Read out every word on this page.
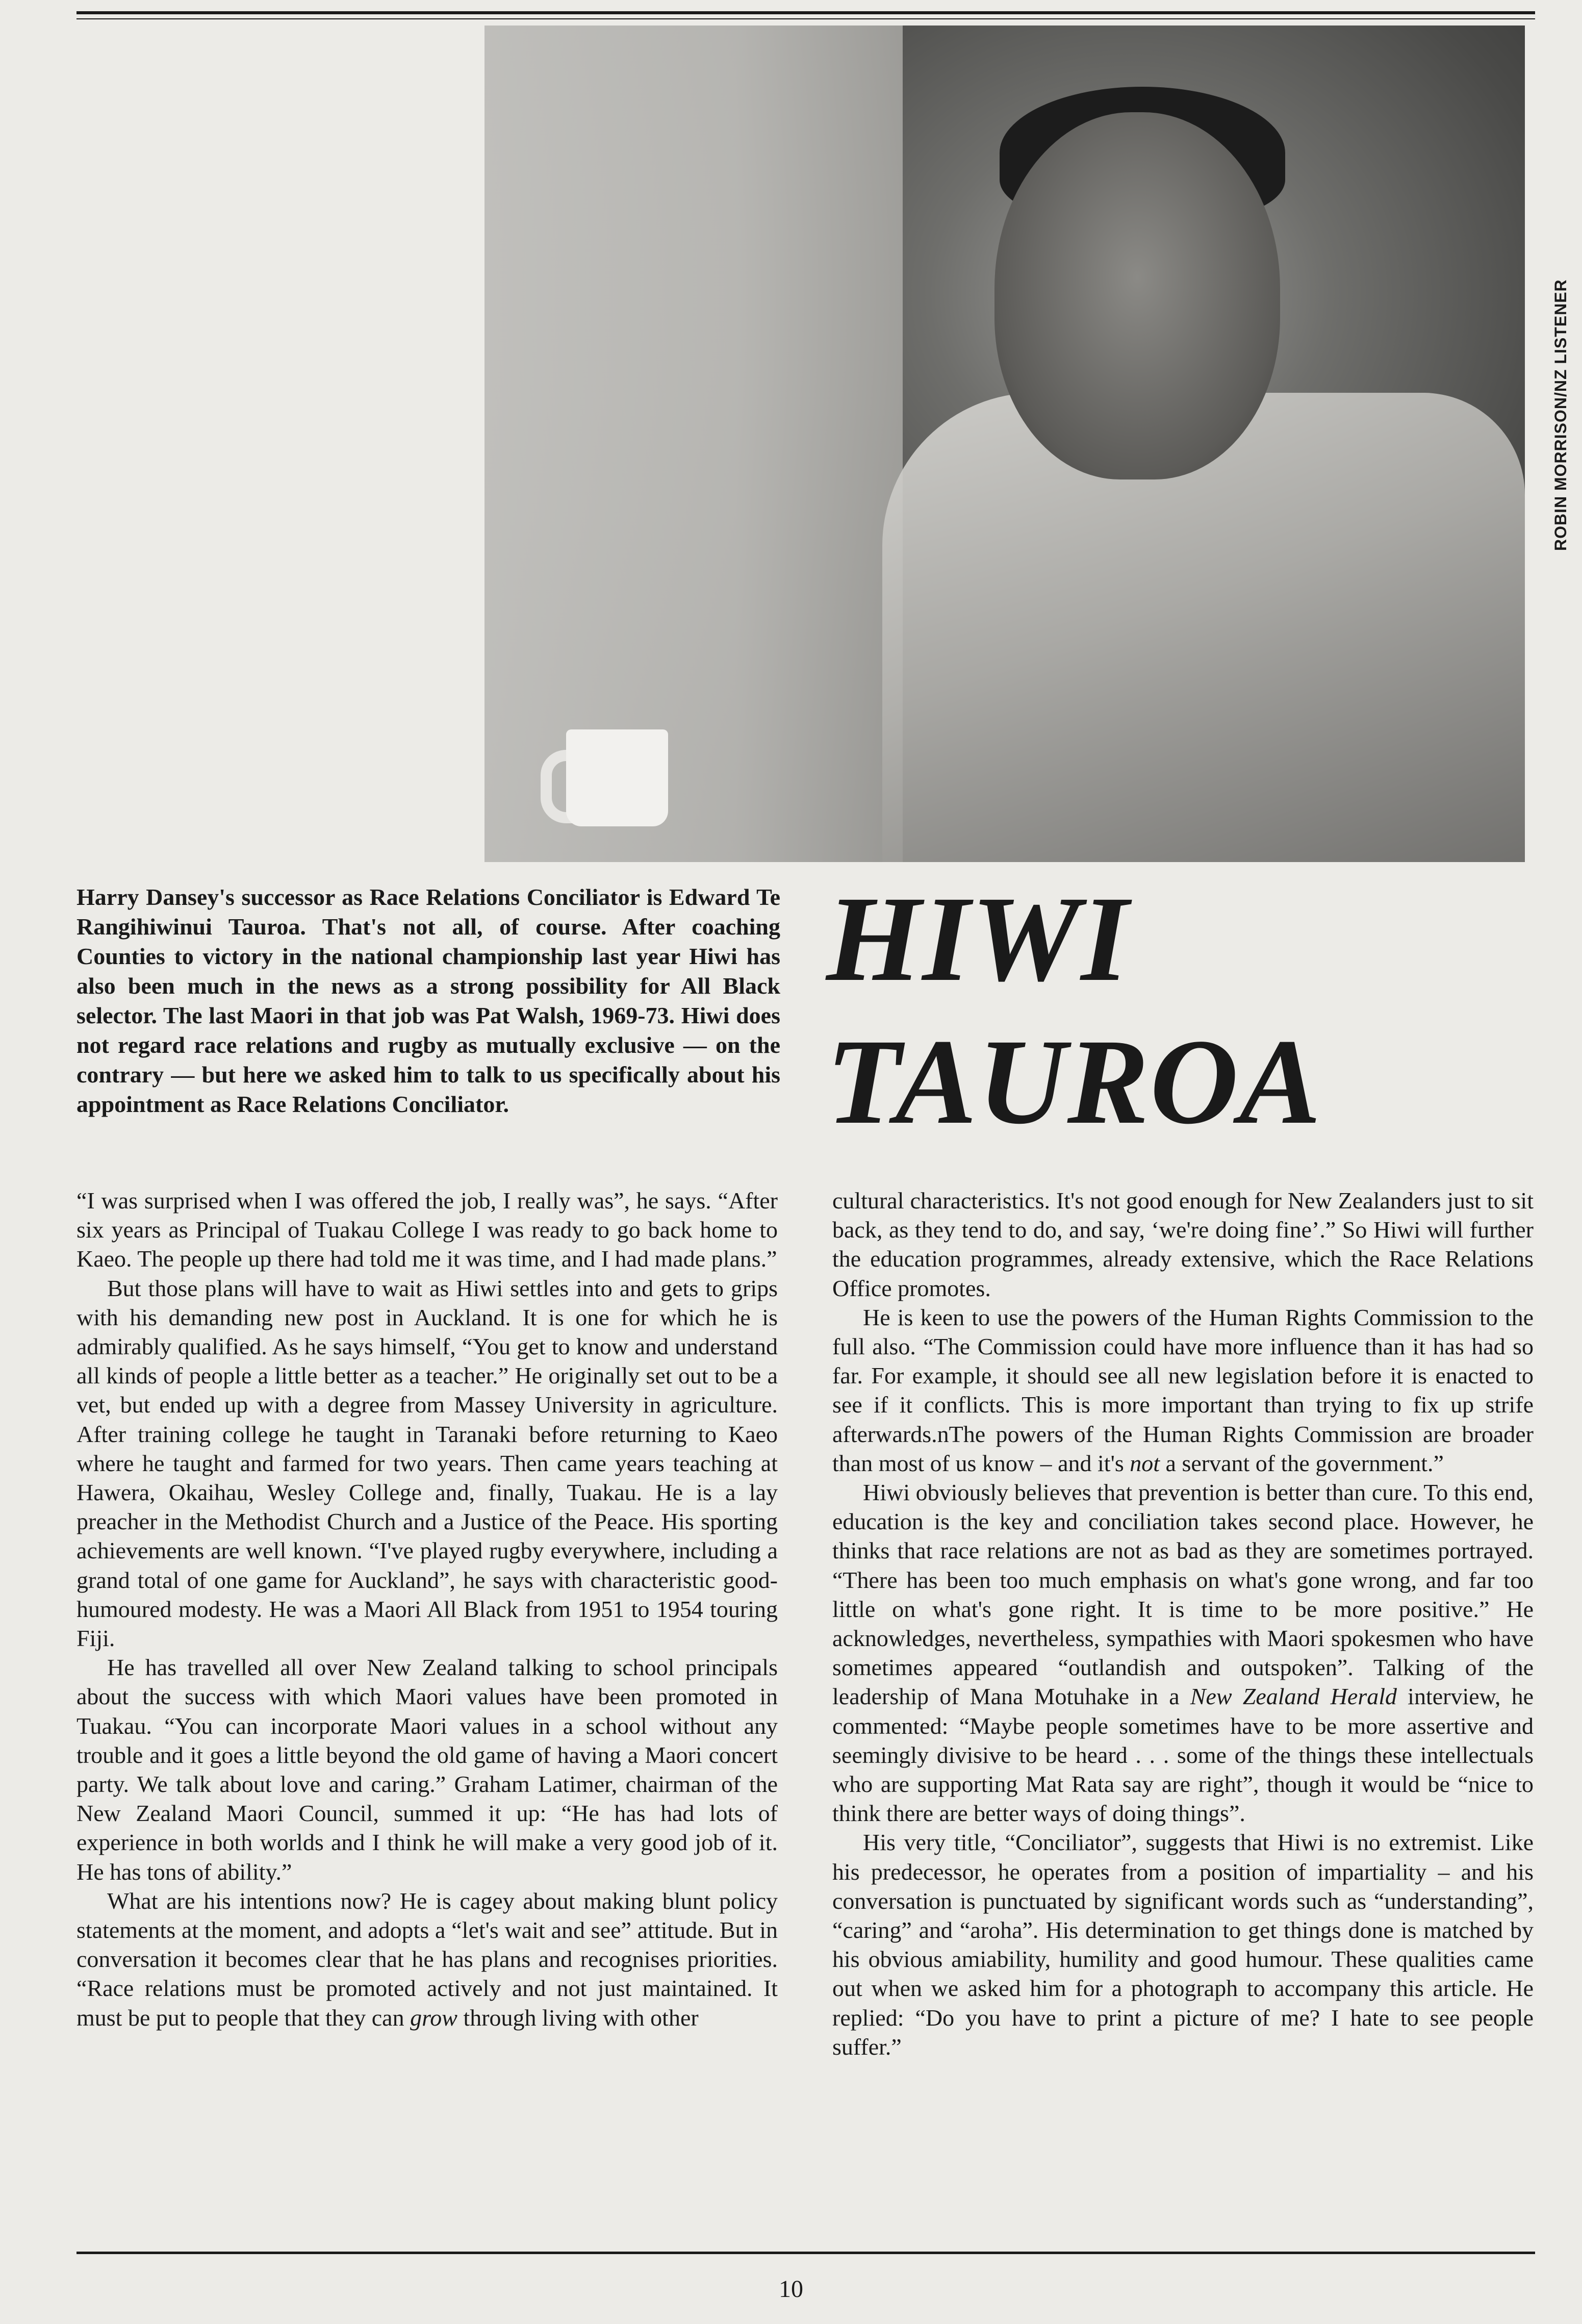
ROBIN MORRISON/NZ LISTENER
Harry Dansey's successor as Race Relations Conciliator is Edward Te Rangihiwinui Tauroa. That's not all, of course. After coaching Counties to victory in the national championship last year Hiwi has also been much in the news as a strong possibility for All Black selector. The last Maori in that job was Pat Walsh, 1969-73. Hiwi does not regard race relations and rugby as mutually exclusive — on the contrary — but here we asked him to talk to us specifically about his appointment as Race Relations Conciliator.
HIWI
TAUROA

“I was surprised when I was offered the job, I really was”, he says. “After six years as Principal of Tuakau College I was ready to go back home to Kaeo. The people up there had told me it was time, and I had made plans.”

But those plans will have to wait as Hiwi settles into and gets to grips with his demanding new post in Auckland. It is one for which he is admirably qualified. As he says himself, “You get to know and understand all kinds of people a little better as a teacher.” He originally set out to be a vet, but ended up with a degree from Massey University in agriculture. After training college he taught in Taranaki before returning to Kaeo where he taught and farmed for two years. Then came years teaching at Hawera, Okaihau, Wesley College and, finally, Tuakau. He is a lay preacher in the Methodist Church and a Justice of the Peace. His sporting achievements are well known. “I've played rugby everywhere, including a grand total of one game for Auckland”, he says with characteristic good-humoured modesty. He was a Maori All Black from 1951 to 1954 touring Fiji.

He has travelled all over New Zealand talking to school principals about the success with which Maori values have been promoted in Tuakau. “You can incorporate Maori values in a school without any trouble and it goes a little beyond the old game of having a Maori concert party. We talk about love and caring.” Graham Latimer, chairman of the New Zealand Maori Council, summed it up: “He has had lots of experience in both worlds and I think he will make a very good job of it. He has tons of ability.”

What are his intentions now? He is cagey about making blunt policy statements at the moment, and adopts a “let's wait and see” attitude. But in conversation it becomes clear that he has plans and recognises priorities. “Race relations must be promoted actively and not just maintained. It must be put to people that they can grow through living with other

cultural characteristics. It's not good enough for New Zealanders just to sit back, as they tend to do, and say, ‘we're doing fine’.” So Hiwi will further the education programmes, already extensive, which the Race Relations Office promotes.

He is keen to use the powers of the Human Rights Commission to the full also. “The Commission could have more influence than it has had so far. For example, it should see all new legislation before it is enacted to see if it conflicts. This is more important than trying to fix up strife afterwards.nThe powers of the Human Rights Commission are broader than most of us know – and it's not a servant of the government.”

Hiwi obviously believes that prevention is better than cure. To this end, education is the key and conciliation takes second place. However, he thinks that race relations are not as bad as they are sometimes portrayed. “There has been too much emphasis on what's gone wrong, and far too little on what's gone right. It is time to be more positive.” He acknowledges, nevertheless, sympathies with Maori spokesmen who have sometimes appeared “outlandish and outspoken”. Talking of the leadership of Mana Motuhake in a New Zealand Herald interview, he commented: “Maybe people sometimes have to be more assertive and seemingly divisive to be heard . . . some of the things these intellectuals who are supporting Mat Rata say are right”, though it would be “nice to think there are better ways of doing things”.

His very title, “Conciliator”, suggests that Hiwi is no extremist. Like his predecessor, he operates from a position of impartiality – and his conversation is punctuated by significant words such as “understanding”, “caring” and “aroha”. His determination to get things done is matched by his obvious amiability, humility and good humour. These qualities came out when we asked him for a photograph to accompany this article. He replied: “Do you have to print a picture of me? I hate to see people suffer.”

10
